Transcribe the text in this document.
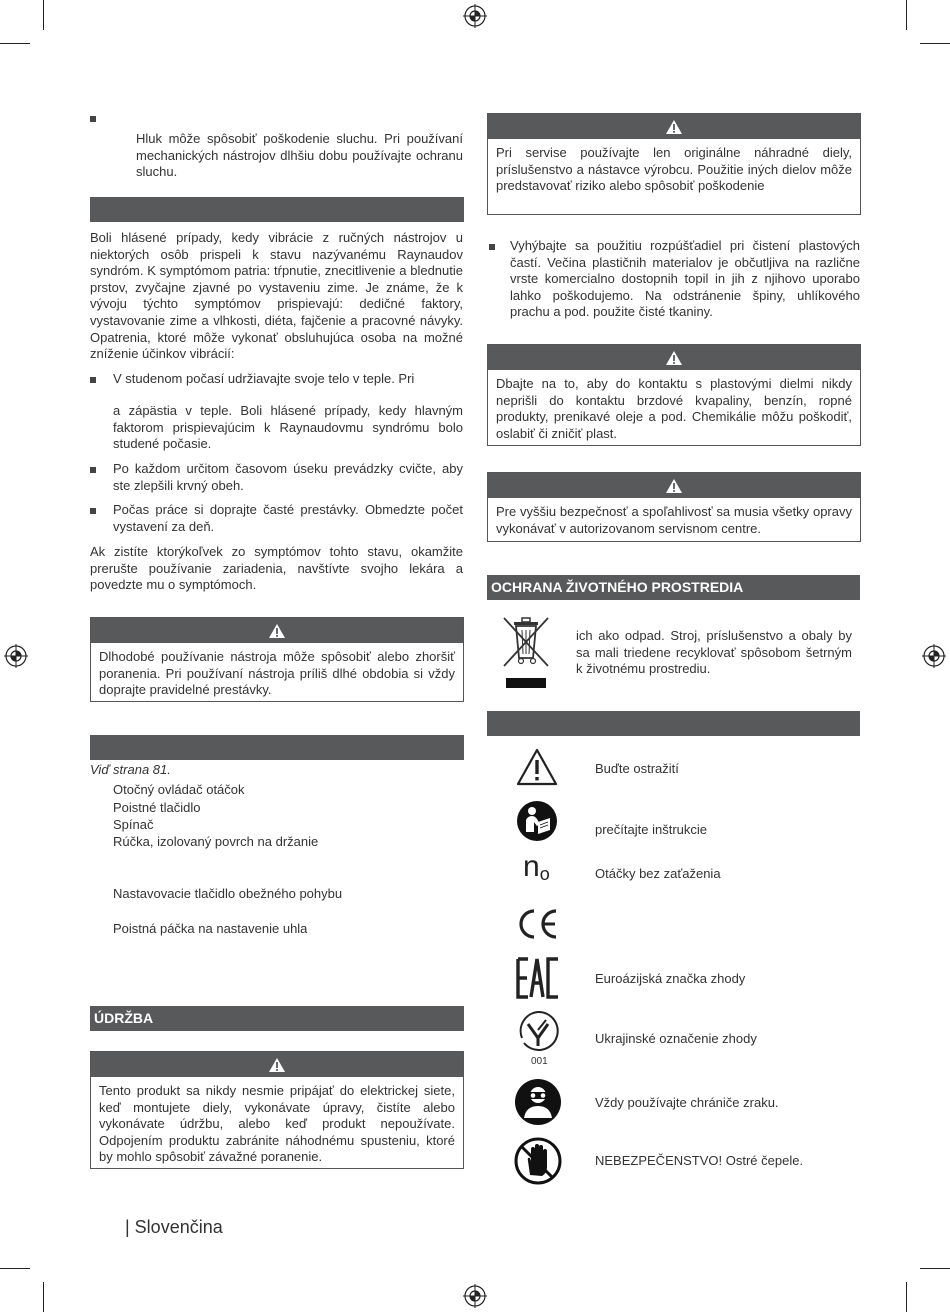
Hluk môže spôsobiť poškodenie sluchu. Pri používaní mechanických nástrojov dlhšiu dobu používajte ochranu sluchu.
Boli hlásené prípady, kedy vibrácie z ručných nástrojov u niektorých osôb prispeli k stavu nazývanému Raynaudov syndróm. K symptómom patria: tŕpnutie, znecitlivenie a blednutie prstov, zvyčajne zjavné po vystaveniu zime. Je známe, že k vývoju týchto symptómov prispievajú: dedičné faktory, vystavovanie zime a vlhkosti, diéta, fajčenie a pracovné návyky. Opatrenia, ktoré môže vykonať obsluhujúca osoba na možné zníženie účinkov vibrácií:
V studenom počasí udržiavajte svoje telo v teple. Pri
a zápästia v teple. Boli hlásené prípady, kedy hlavným faktorom prispievajúcim k Raynaudovmu syndrómu bolo studené počasie.
Po každom určitom časovom úseku prevádzky cvičte, aby ste zlepšili krvný obeh.
Počas práce si doprajte časté prestávky. Obmedzte počet vystavení za deň.
Ak zistíte ktorýkoľvek zo symptómov tohto stavu, okamžite prerušte používanie zariadenia, navštívte svojho lekára a povedzte mu o symptómoch.
Dlhodobé používanie nástroja môže spôsobiť alebo zhoršiť poranenia. Pri používaní nástroja príliš dlhé obdobia si vždy doprajte pravidelné prestávky.
Viď strana 81.
Otočný ovládač otáčok
Poistné tlačidlo
Spínač
Rúčka, izolovaný povrch na držanie
Nastavovacie tlačidlo obežného pohybu
Poistná páčka na nastavenie uhla
ÚDRŽBA
Tento produkt sa nikdy nesmie pripájať do elektrickej siete, keď montujete diely, vykonávate úpravy, čistíte alebo vykonávate údržbu, alebo keď produkt nepoužívate. Odpojením produktu zabránite náhodnému spusteniu, ktoré by mohlo spôsobiť závažné poranenie.
| Slovenčina
Pri servise používajte len originálne náhradné diely, príslušenstvo a nástavce výrobcu. Použitie iných dielov môže predstavovať riziko alebo spôsobiť poškodenie
Vyhýbajte sa použitiu rozpúšťadiel pri čistení plastových častí. Večina plastičnih materialov je občutljiva na različne vrste komercialno dostopnih topil in jih z njihovo uporabo lahko poškodujemo. Na odstránenie špiny, uhlíkového prachu a pod. použite čisté tkaniny.
Dbajte na to, aby do kontaktu s plastovými dielmi nikdy neprišli do kontaktu brzdové kvapaliny, benzín, ropné produkty, prenikavé oleje a pod. Chemikálie môžu poškodiť, oslabiť či zničiť plast.
Pre vyššiu bezpečnosť a spoľahlivosť sa musia všetky opravy vykonávať v autorizovanom servisnom centre.
OCHRANA ŽIVOTNÉHO PROSTREDIA
ich ako odpad. Stroj, príslušenstvo a obaly by sa mali triedene recyklovať spôsobom šetrným k životnému prostrediu.
Buďte ostražití
prečítajte inštrukcie
no	Otáčky bez zaťaženia
Euroázijská značka zhody
001
Ukrajinské označenie zhody
Vždy používajte chrániče zraku.
NEBEZPEČENSTVO! Ostré čepele.
